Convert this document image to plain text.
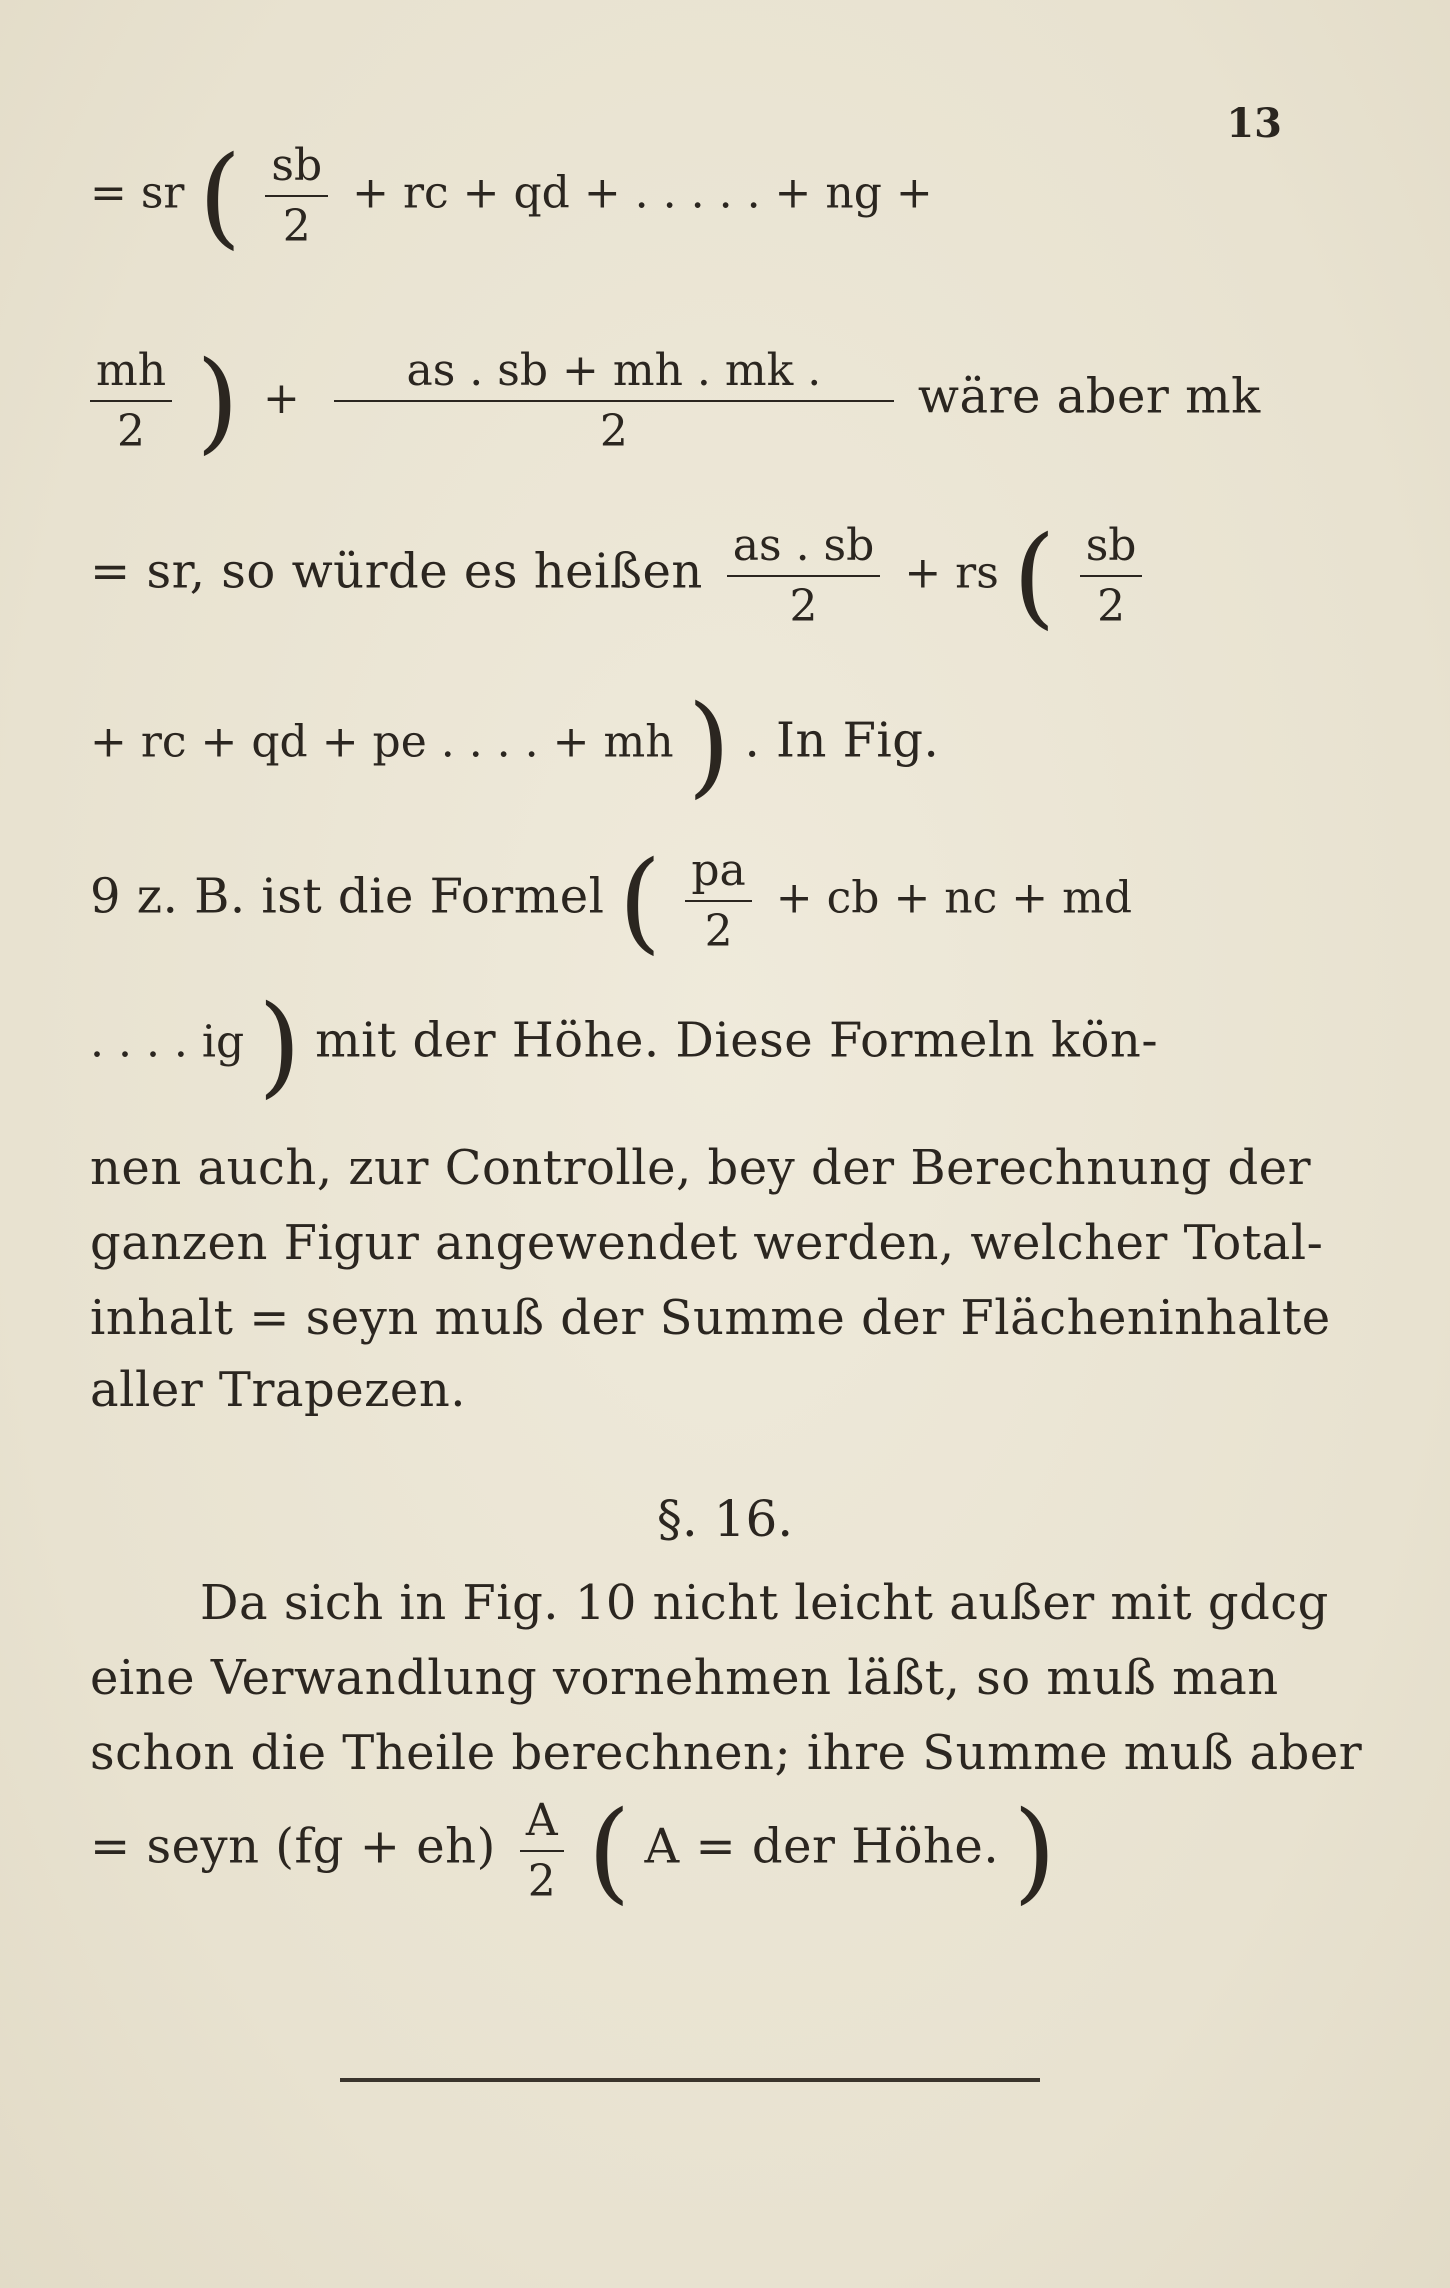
13
= sr ( $\frac{sb}{2}$ + rc + qd + . . . . . + ng +
$\frac{mh}{2}$ ) + $\frac{as . sb + mh . mk .}{2}$ wäre aber mk
= sr, so würde es heißen $\frac{as . sb}{2}$ + rs ( $\frac{sb}{2}$
+ rc + qd + pe . . . . + mh ) . In Fig.
9 z. B. ist die Formel ( $\frac{pa}{2}$ + cb + nc + md
. . . . ig ) mit der Höhe. Diese Formeln kön-
nen auch, zur Controlle, bey der Berechnung der
ganzen Figur angewendet werden, welcher Total-
inhalt = seyn muß der Summe der Flächeninhalte
aller Trapezen.
§. 16.
Da sich in Fig. 10 nicht leicht außer mit gdcg
eine Verwandlung vornehmen läßt, so muß man
schon die Theile berechnen; ihre Summe muß aber
= seyn $(fg + eh) \frac{A}{2}$ ( A = der Höhe. )
